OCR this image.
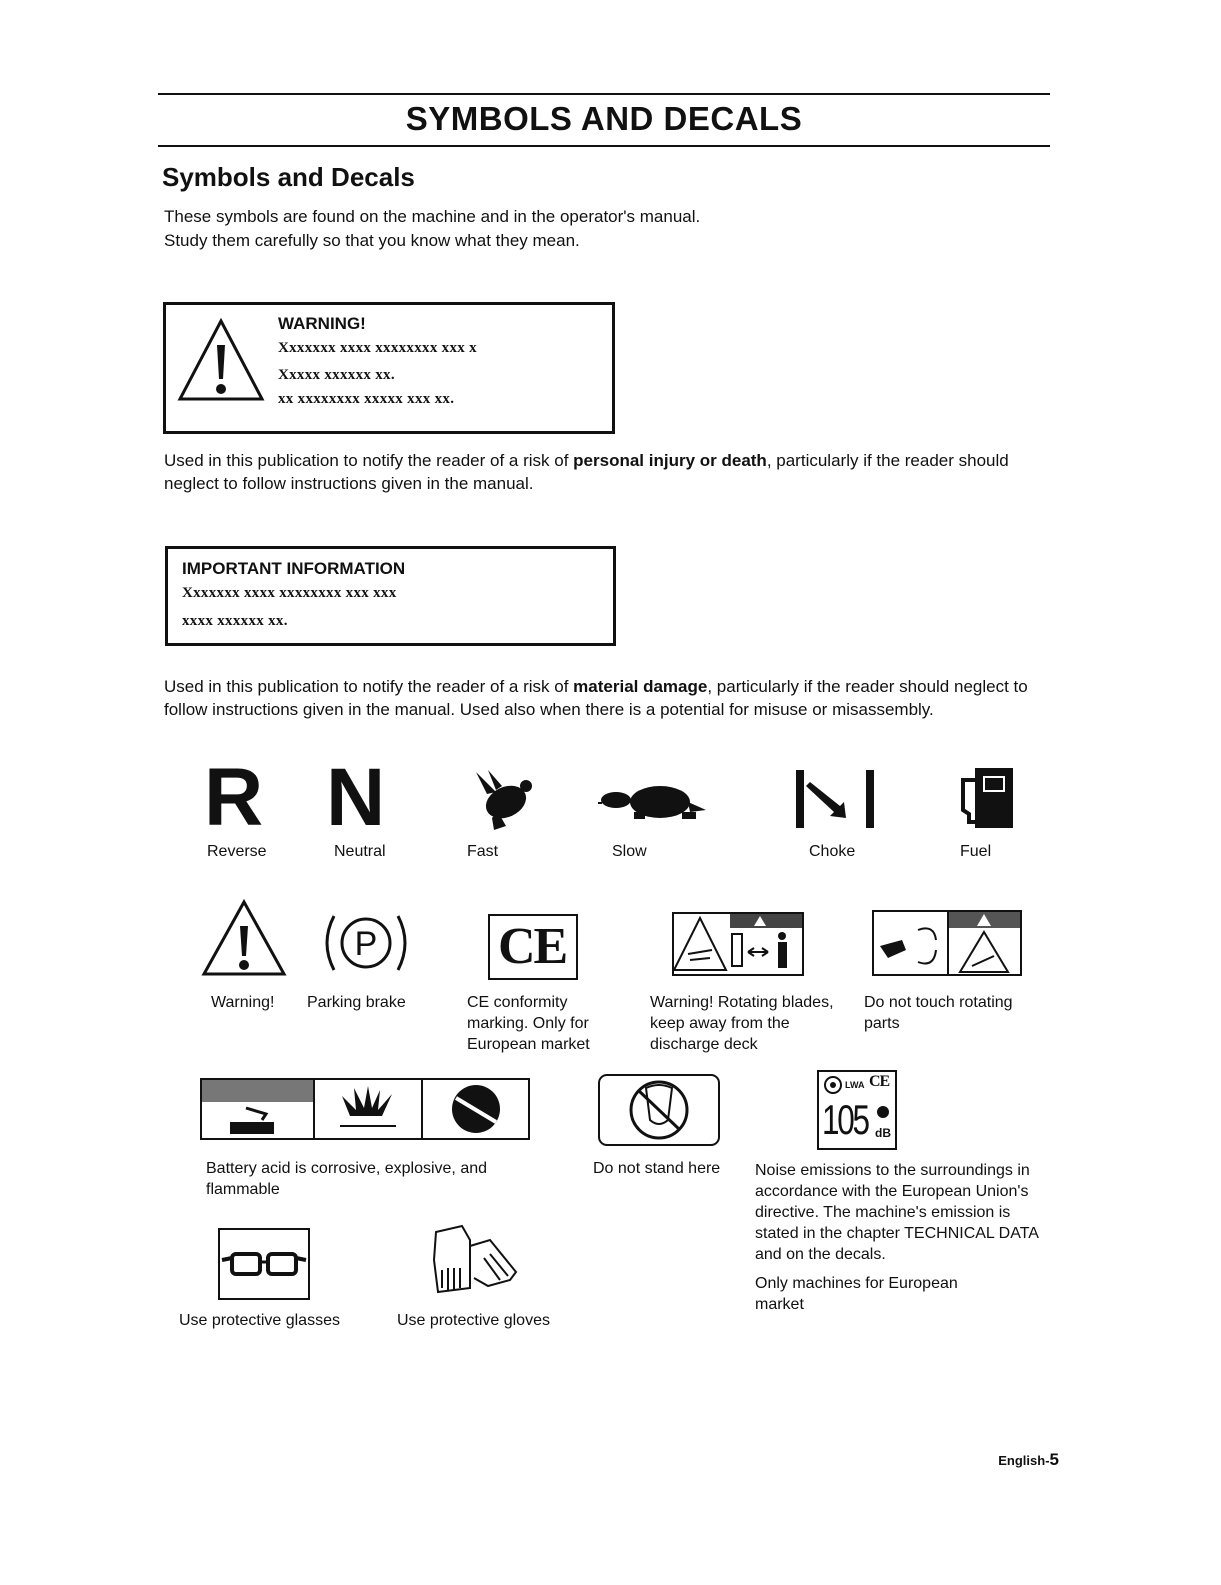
SYMBOLS AND DECALS
Symbols and Decals
These symbols are found on the machine and in the operator's manual.
Study them carefully so that you know what they mean.
WARNING!
Xxxxxxx xxxx xxxxxxxx xxx x
Xxxxx xxxxxx xx.
xx xxxxxxxx xxxxx xxx xx.
Used in this publication to notify the reader of a risk of personal injury or death, particularly if the reader should neglect to follow instructions given in the manual.
IMPORTANT INFORMATION
Xxxxxxx xxxx xxxxxxxx xxx xxx
xxxx xxxxxx xx.
Used in this publication to notify the reader of a risk of material damage, particularly if the reader should neglect to follow instructions given in the manual. Used also when there is a potential for misuse or misassembly.
R
Reverse
N
Neutral	Fast	Slow	Choke	Fuel
Warning!
P
Parking brake
CE
CE conformity marking. Only for European market
Warning! Rotating blades, keep away from the discharge deck
Do not touch rotating parts
Battery acid is corrosive, explosive, and flammable
Do not stand here
LWA CE
105 dB
Noise emissions to the surroundings in accordance with the European Union's directive. The machine's emission is stated in the chapter TECHNICAL DATA and on the decals.
Only machines for European market
Use protective glasses	Use protective gloves
English-5
